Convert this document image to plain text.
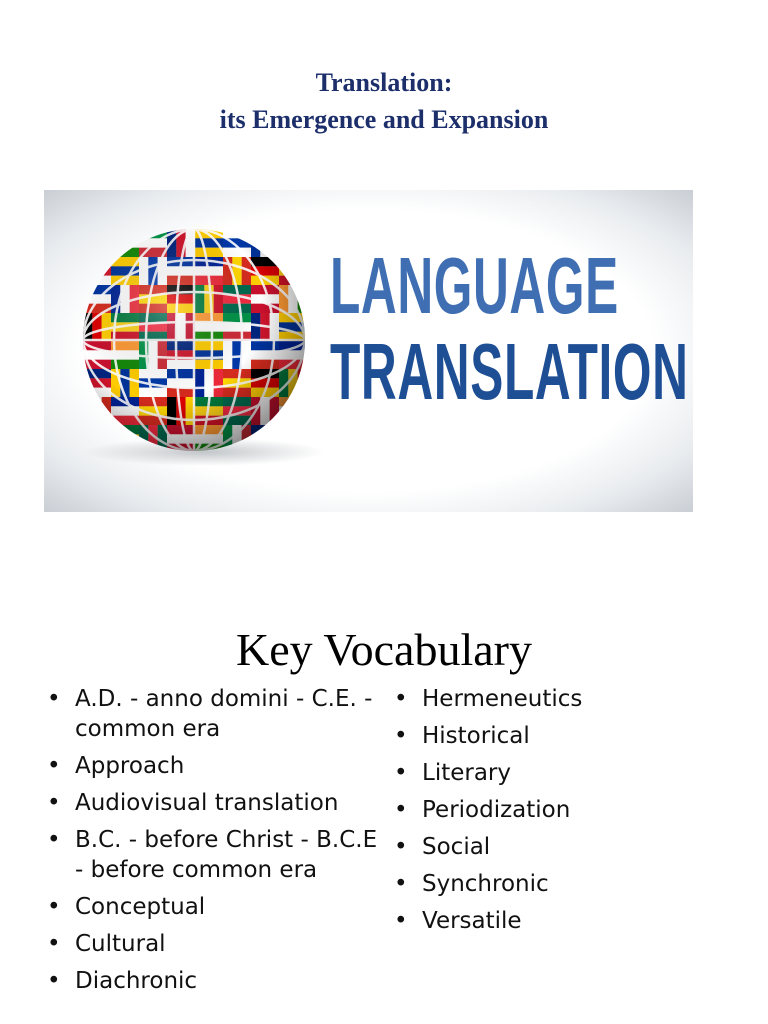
Translation:
its Emergence and Expansion
LANGUAGE
TRANSLATION
Key Vocabulary
• A.D. - anno domini - C.E. - common era
• Approach
• Audiovisual translation
• B.C. - before Christ - B.C.E - before common era
• Conceptual
• Cultural
• Diachronic
• Hermeneutics
• Historical
• Literary
• Periodization
• Social
• Synchronic
• Versatile
